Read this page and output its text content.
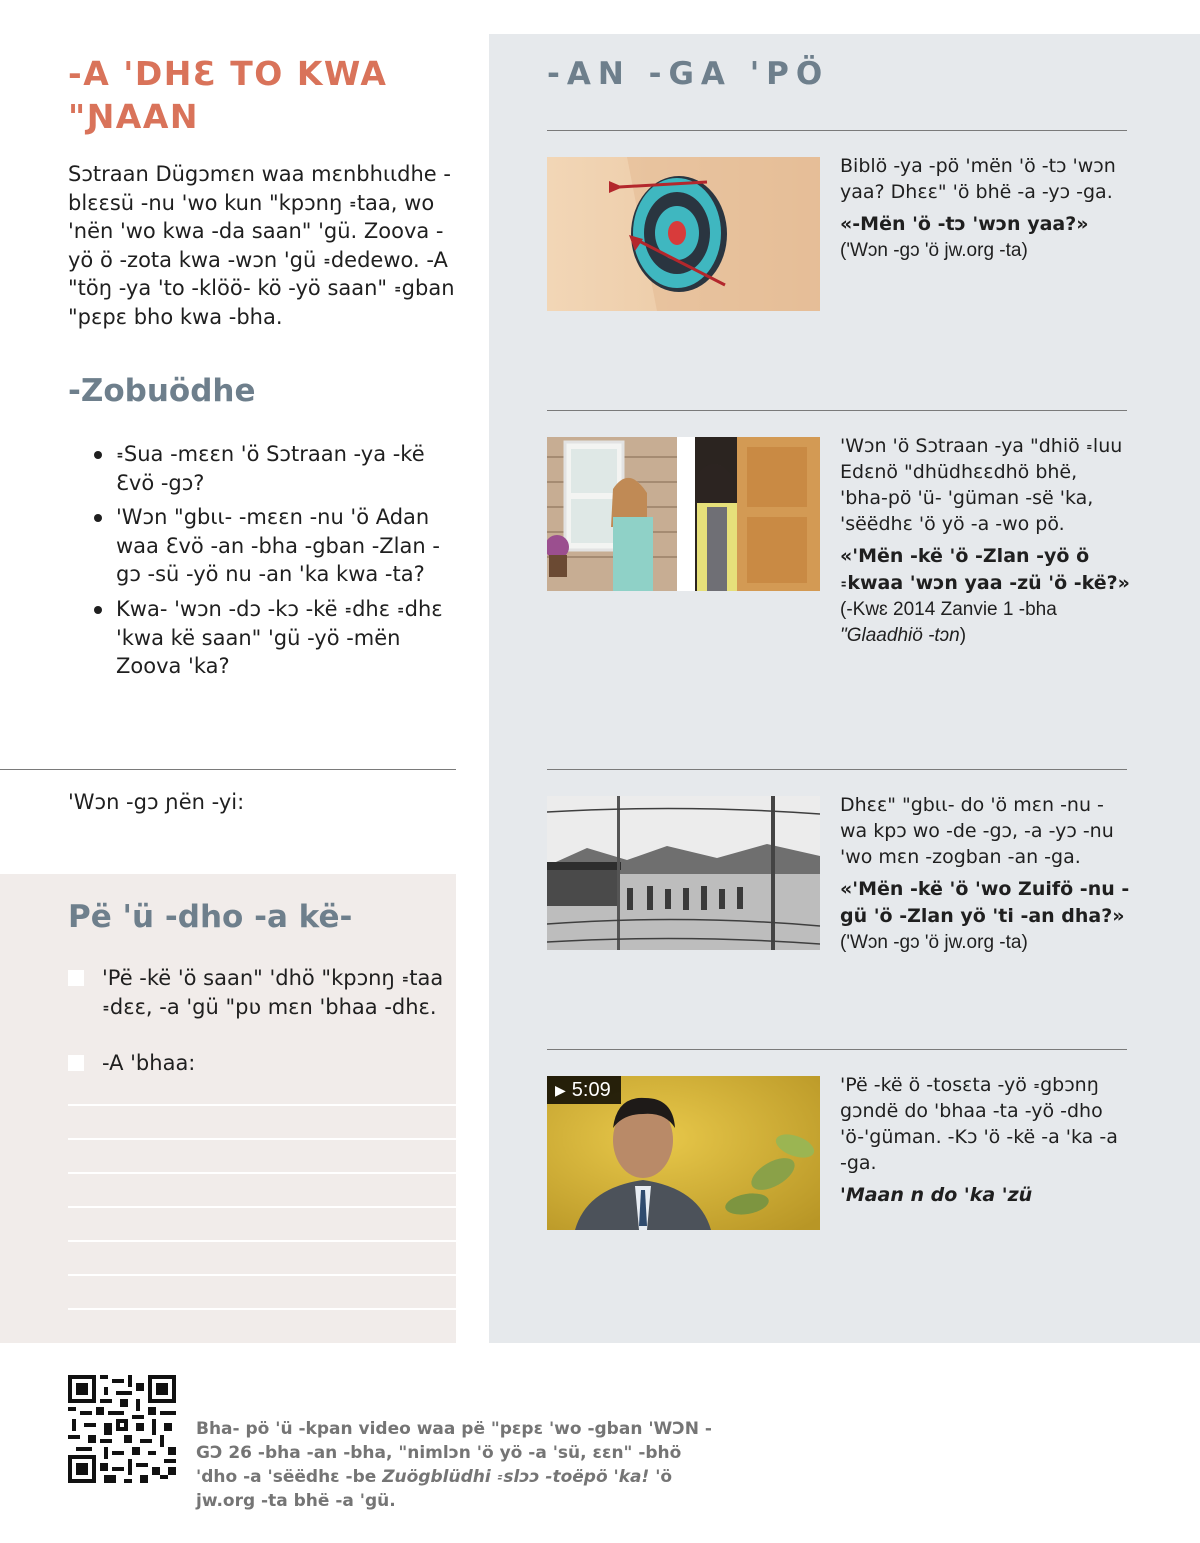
-A 'DHƐ TO KWA "ƝAAN

Sɔtraan Dügɔmɛn waa mɛnbhɩɩdhe -blɛɛsü -nu 'wo kun "kpɔnŋ ꞊taa, wo 'nën 'wo kwa -da saan" 'gü. Zoova -yö ö -zota kwa -wɔn 'gü ꞊dedewo. -A "töŋ -ya 'to -klöö- kö -yö saan" ꞊gban "pɛpɛ bho kwa -bha.

-Zobuödhe
꞊Sua -mɛɛn 'ö Sɔtraan -ya -kë Ɛvö -gɔ?
'Wɔn "gbɩɩ- -mɛɛn -nu 'ö Adan waa Ɛvö -an -bha -gban -Zlan -gɔ -sü -yö nu -an 'ka kwa -ta?
Kwa- 'wɔn -dɔ -kɔ -kë ꞊dhɛ ꞊dhɛ 'kwa kë saan" 'gü -yö -mën Zoova 'ka?
'Wɔn -gɔ ɲën -yi:
Pë 'ü -dho -a kë-
'Pë -kë 'ö saan" 'dhö "kpɔnŋ ꞊taa ꞊dɛɛ, -a 'gü "pʋ mɛn 'bhaa -dhɛ.
-A 'bhaa:
-AN -GA 'PÖ
Biblö -ya -pö 'mën 'ö -tɔ 'wɔn yaa? Dhɛɛ" 'ö bhë -a -yɔ -ga.
«-Mën 'ö -tɔ 'wɔn yaa?» ('Wɔn -gɔ 'ö jw.org -ta)
'Wɔn 'ö Sɔtraan -ya "dhiö ꞊luu Edɛnö "dhüdhɛɛdhö bhë, 'bha-pö 'ü- 'güman -së 'ka, 'sëëdhɛ 'ö yö -a -wo pö.
«'Mën -kë 'ö -Zlan -yö ö ꞊kwaa 'wɔn yaa -zü 'ö -kë?» (-Kwɛ 2014 Zanvie 1 -bha "Glaadhiö -tɔn)
Dhɛɛ" "gbɩɩ- do 'ö mɛn -nu -wa kpɔ wo -de -gɔ, -a -yɔ -nu 'wo mɛn -zogban -an -ga.
«'Mën -kë 'ö 'wo Zuifö -nu -gü 'ö -Zlan yö 'ti -an dha?» ('Wɔn -gɔ 'ö jw.org -ta)
▶ 5:09	'Pë -kë ö -tosɛta -yö ꞊gbɔnŋ gɔndë do 'bhaa -ta -yö -dho 'ö-'güman. -Kɔ 'ö -kë -a 'ka -a -ga.
'Maan n do 'ka 'zü

Bha- pö 'ü -kpan video waa pë "pɛpɛ 'wo -gban 'WƆN -GƆ 26 -bha -an -bha, "nimlɔn 'ö yö -a 'sü, ɛɛn" -bhö 'dho -a 'sëëdhɛ -be Zuögblüdhi ꞊slɔɔ -toëpö 'ka! 'ö jw.org -ta bhë -a 'gü.
